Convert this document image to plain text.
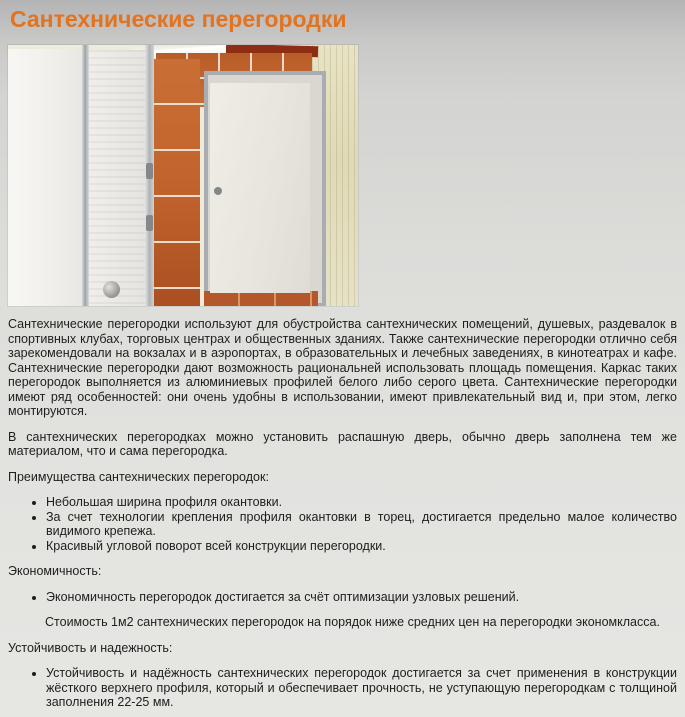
Сантехнические перегородки

Сантехнические перегородки используют для обустройства сантехнических помещений, душевых, раздевалок в спортивных клубах, торговых центрах и общественных зданиях. Также сантехнические перегородки отлично себя зарекомендовали на вокзалах и в аэропортах, в образовательных и лечебных заведениях, в кинотеатрах и кафе. Сантехнические перегородки дают возможность рациональней использовать площадь помещения. Каркас таких перегородок выполняется из алюминиевых профилей белого либо серого цвета. Сантехнические перегородки имеют ряд особенностей: они очень удобны в использовании, имеют привлекательный вид и, при этом, легко монтируются.

В сантехнических перегородках можно установить распашную дверь, обычно дверь заполнена тем же материалом, что и сама перегородка.

Преимущества сантехнических перегородок:

• Небольшая ширина профиля окантовки.
• За счет технологии крепления профиля окантовки в торец, достигается предельно малое количество видимого крепежа.
• Красивый угловой поворот всей конструкции перегородки.

Экономичность:

• Экономичность перегородок достигается за счёт оптимизации узловых решений.

Стоимость 1м2 сантехнических перегородок на порядок ниже средних цен на перегородки экономкласса.

Устойчивость и надежность:

• Устойчивость и надёжность сантехнических перегородок достигается за счет применения в конструкции жёсткого верхнего профиля, который и обеспечивает прочность, не уступающую перегородкам с толщиной заполнения 22-25 мм.
